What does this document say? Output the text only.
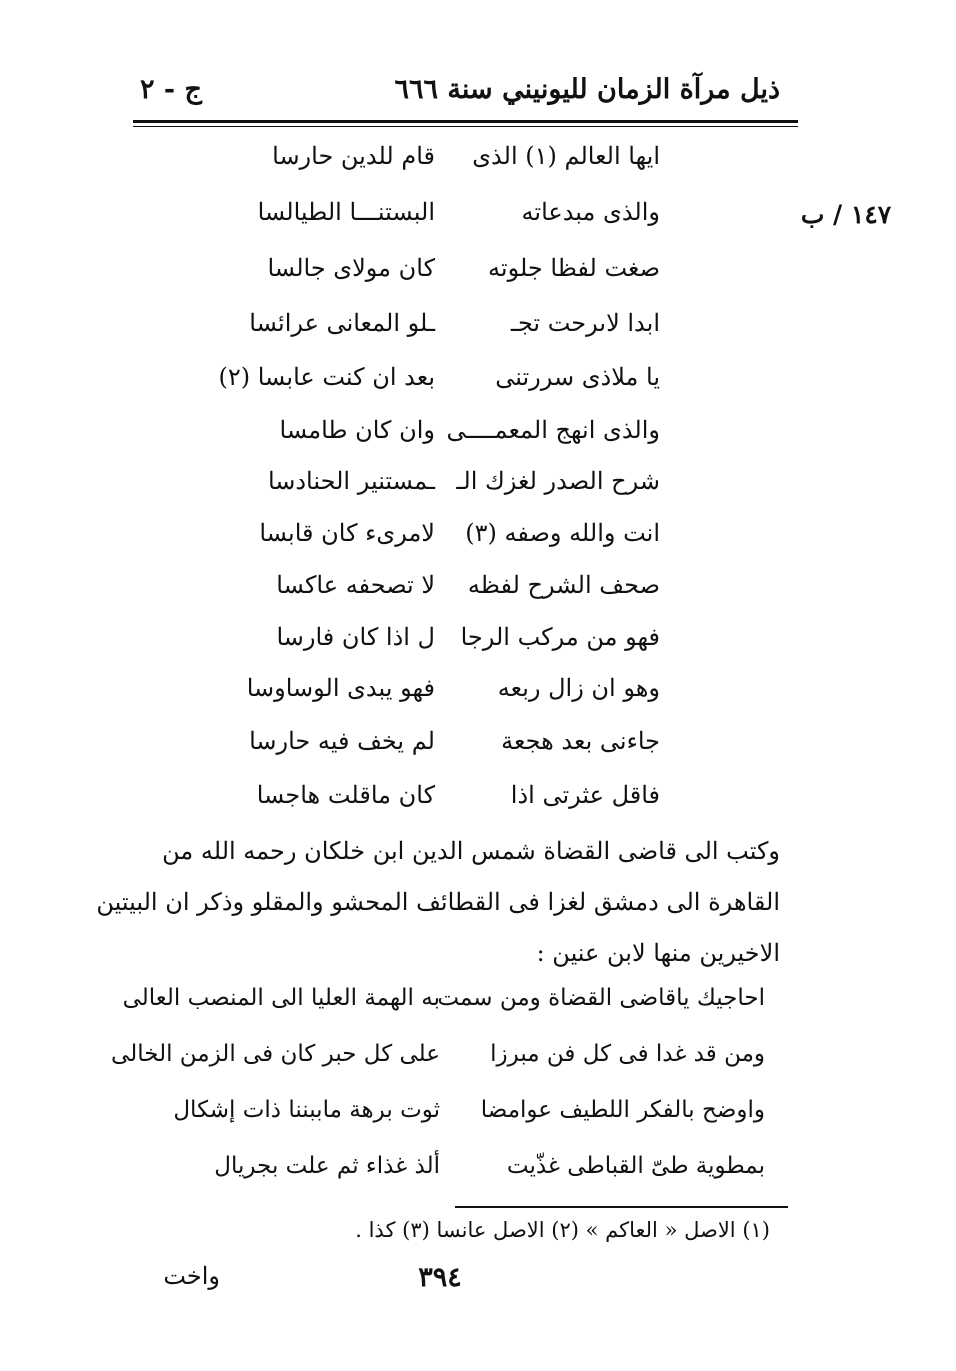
ذيل مرآة الزمان لليونيني سنة ٦٦٦
ج - ٢
١٤٧ / ب
ايها العالم (١) الذى
قام للدين حارسا
والذى مبدعاته
البستنـــا الطيالسا
صغت لفظا جلوته
كان مولاى جالسا
ابدا لاىرحت تجـ
ـلو المعانى عرائسا
يا ملاذى سررتنى
بعد ان كنت عابسا (٢)
والذى انهج المعمــــى
وان كان طامسا
شرح الصدر لغزك الـ
ـمستنير الحنادسا
انت والله وصفه (٣)
لامرىء كان قابسا
صحف الشرح لفظه
لا تصحفه عاكسا
فهو من مركب الرجا
ل اذا كان فارسا
وهو ان زال ربعه
فهو يبدى الوساوسا
جاءنى بعد هجعة
لم يخف فيه حارسا
فاقل عثرتى اذا
كان ماقلت هاجسا

وكتب الى قاضى القضاة شمس الدين ابن خلكان رحمه الله من

القاهرة الى دمشق لغزا فى القطائف المحشو والمقلو وذكر ان البيتين

الاخيرين منها لابن عنين :

احاجيك ياقاضى القضاة ومن سمت
به الهمة العليا الى المنصب العالى
ومن قد غدا فى كل فن مبرزا
على كل حبر كان فى الزمن الخالى
واوضح بالفكر اللطيف عوامضا
ثوت برهة ماببننا ذات إشكال
بمطوية طىّ القباطى غذّيت
ألذ غذاء ثم علت بجريال
(١) الاصل « العاكم » (٢) الاصل عانسا (٣) كذا .
٣٩٤
واخت
